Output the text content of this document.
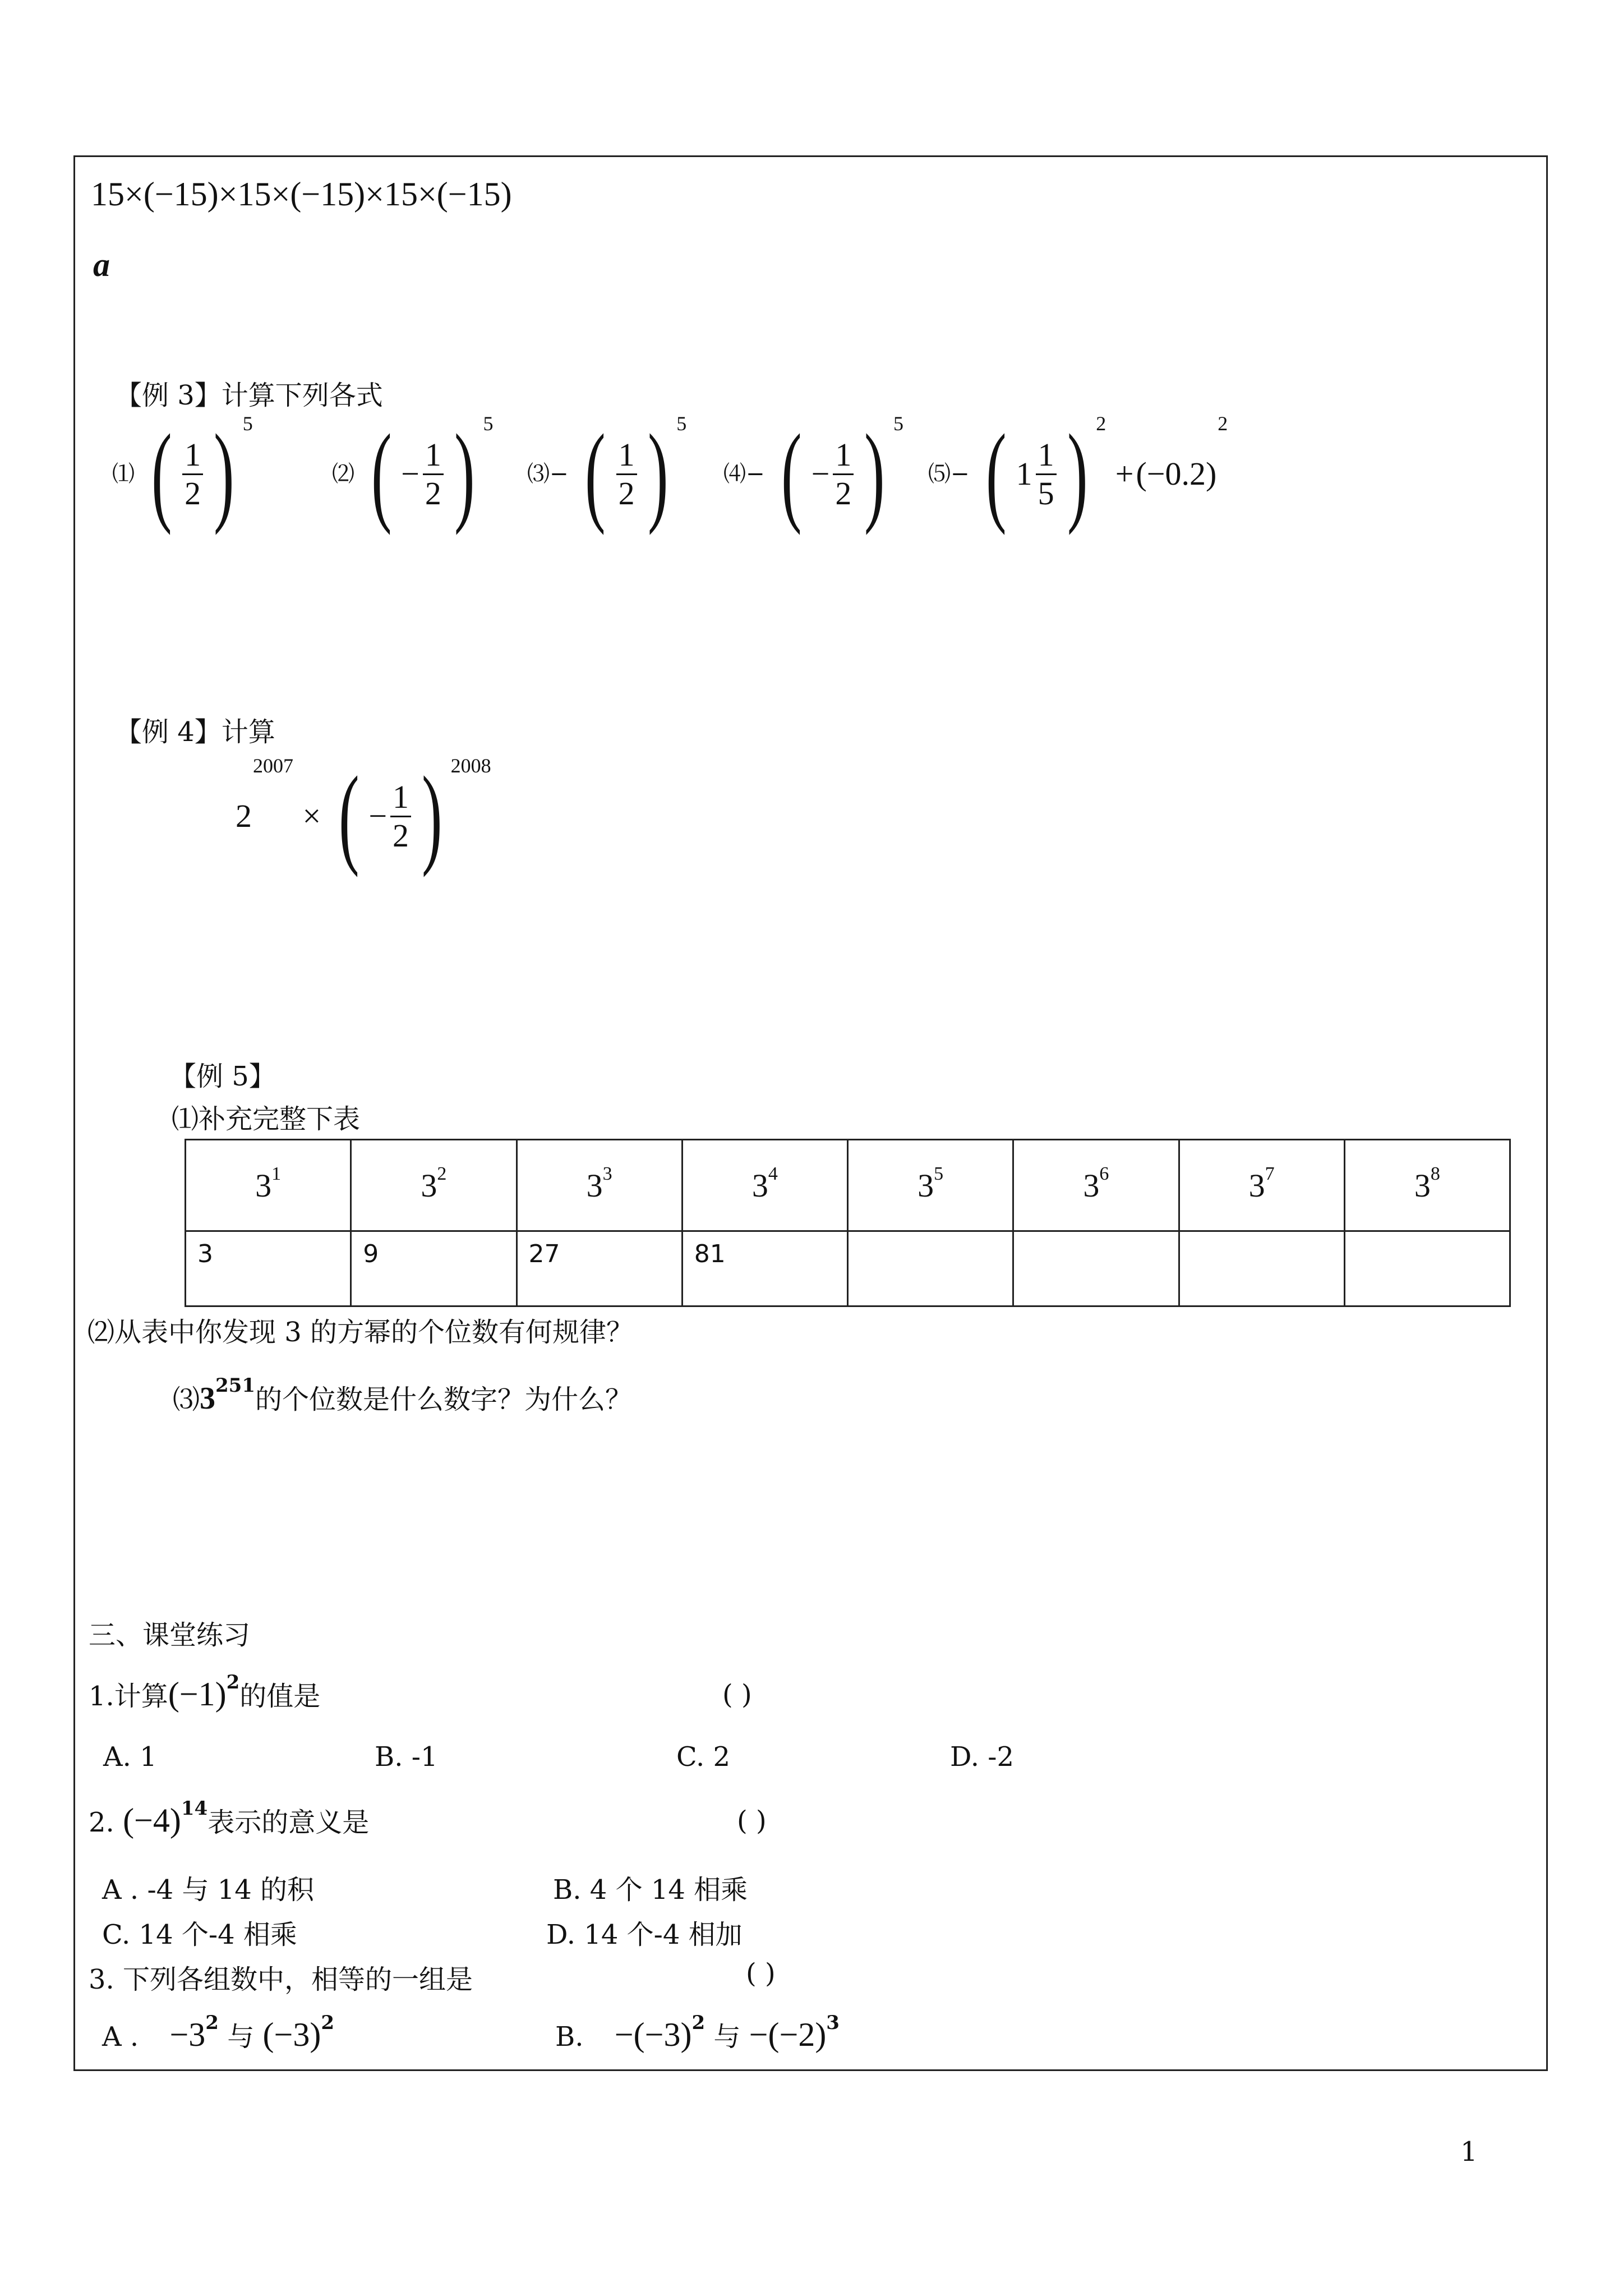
15×(−15)×15×(−15)×15×(−15)
a
【例 3】计算下列各式
⑴ ( $\frac{1}{2}$ ) $^5$
⑵ ( − $\frac{1}{2}$ ) $^5$
⑶− ( $\frac{1}{2}$ ) $^5$
⑷− ( − $\frac{1}{2}$ ) $^5$
⑸− ( $1 \frac{1}{5}$ ) $^2 +(-0.2)^2$
【例 4】计算
$2^{2007}$ × ( − $\frac{1}{2}$ ) $^{2008}$
【例 5】
⑴补充完整下表
$3^1$	$3^2$	$3^3$	$3^4$	$3^5$	$3^6$	$3^7$	$3^8$
3	9	27	81				
⑵从表中你发现 3 的方幂的个位数有何规律？
$⑶3^{251}$的个位数是什么数字？为什么？
三、课堂练习
1.计算$(-1)^2$的值是	( )
A. 1	B. -1	C. 2	D. -2
2. $(-4)^{14}$表示的意义是	( )
A . -4 与 14 的积	B. 4 个 14 相乘
C. 14 个-4 相乘	D. 14 个-4 相加
3. 下列各组数中，相等的一组是	( )
A . $-3^2$ 与 $(-3)^2$	B. $-(-3)^2$ 与 $-(-2)^3$
1
